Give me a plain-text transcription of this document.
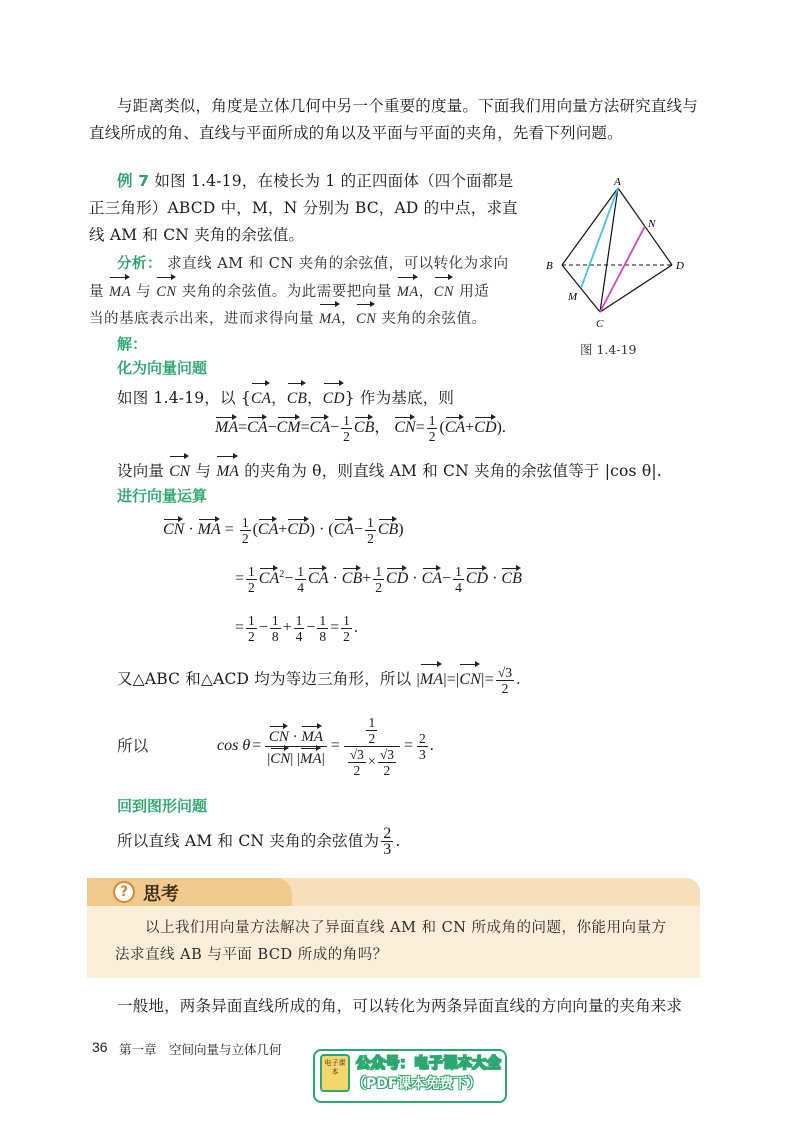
与距离类似，角度是立体几何中另一个重要的度量。下面我们用向量方法研究直线与
直线所成的角、直线与平面所成的角以及平面与平面的夹角，先看下列问题。
例 7 如图 1.4-19，在棱长为 1 的正四面体（四个面都是
正三角形）ABCD 中，M，N 分别为 BC，AD 的中点，求直
线 AM 和 CN 夹角的余弦值。
分析： 求直线 AM 和 CN 夹角的余弦值，可以转化为求向
量 MA 与 CN 夹角的余弦值。为此需要把向量 MA，CN 用适
当的基底表示出来，进而求得向量 MA，CN 夹角的余弦值。
A
B
C
D
M
N
图 1.4-19
解：
化为向量问题
如图 1.4-19，以 {CA，CB，CD} 作为基底，则
$MA=CA-CM=CA- \frac{1}{2}$ CB， $CN= \frac{1}{2} (CA+CD)$.
设向量 CN 与 MA 的夹角为 θ，则直线 AM 和 CN 夹角的余弦值等于 |cos θ|.
进行向量运算
CN · MA = $\frac{1}{2} (CA+CD) \cdot (CA- \frac{1}{2} CB)$
= $\frac{1}{2} CA^2- \frac{1}{4}$ CA · $CB+ \frac{1}{2}$ CD · $CA- \frac{1}{4}$ CD · CB
= $\frac{1}{2} - \frac{1}{8} + \frac{1}{4} - \frac{1}{8} = \frac{1}{2}$ .
又△ABC 和△ACD 均为等边三角形，所以 $|MA|=|CN|= \frac{√3}{2}$ .
所以	$\cos \theta = \frac{CN \cdot MA}{|CN| |MA|} = \frac{\frac{1}{2}}{\frac{√3}{2} \times \frac{√3}{2}} = \frac{2}{3}$ .
回到图形问题
所以直线 AM 和 CN 夹角的余弦值为 $\frac{2}{3}$ .
? 思考
以上我们用向量方法解决了异面直线 AM 和 CN 所成角的问题，你能用向量方
法求直线 AB 与平面 BCD 所成的角吗？
一般地，两条异面直线所成的角，可以转化为两条异面直线的方向向量的夹角来求
36 第一章　空间向量与立体几何
电子课本	公众号：电子课本大全
（PDF课本免费下）
